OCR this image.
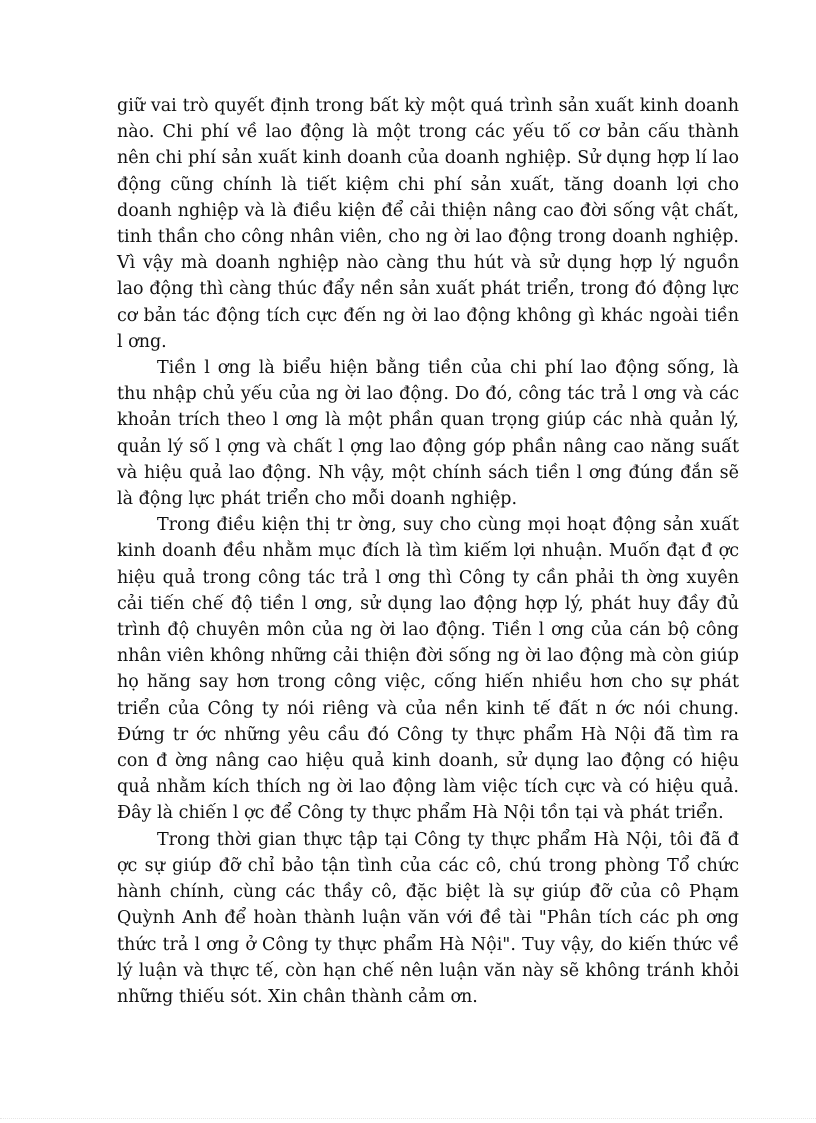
giữ vai trò quyết định trong bất kỳ một quá trình sản xuất kinh doanh nào. Chi phí về lao động là một trong các yếu tố cơ bản cấu thành nên chi phí sản xuất kinh doanh của doanh nghiệp. Sử dụng hợp lí lao động cũng chính là tiết kiệm chi phí sản xuất, tăng doanh lợi cho doanh nghiệp và là điều kiện để cải thiện nâng cao đời sống vật chất, tinh thần cho công nhân viên, cho ng ời lao động trong doanh nghiệp. Vì vậy mà doanh nghiệp nào càng thu hút và sử dụng hợp lý nguồn lao động thì càng thúc đẩy nền sản xuất phát triển, trong đó động lực cơ bản tác động tích cực đến ng ời lao động không gì khác ngoài tiền l ơng.

Tiền l ơng là biểu hiện bằng tiền của chi phí lao động sống, là thu nhập chủ yếu của ng ời lao động. Do đó, công tác trả l ơng và các khoản trích theo l ơng là một phần quan trọng giúp các nhà quản lý, quản lý số l ợng và chất l ợng lao động góp phần nâng cao năng suất và hiệu quả lao động. Nh vậy, một chính sách tiền l ơng đúng đắn sẽ là động lực phát triển cho mỗi doanh nghiệp.

Trong điều kiện thị tr ờng, suy cho cùng mọi hoạt động sản xuất kinh doanh đều nhằm mục đích là tìm kiếm lợi nhuận. Muốn đạt đ ợc hiệu quả trong công tác trả l ơng thì Công ty cần phải th ờng xuyên cải tiến chế độ tiền l ơng, sử dụng lao động hợp lý, phát huy đầy đủ trình độ chuyên môn của ng ời lao động. Tiền l ơng của cán bộ công nhân viên không những cải thiện đời sống ng ời lao động mà còn giúp họ hăng say hơn trong công việc, cống hiến nhiều hơn cho sự phát triển của Công ty nói riêng và của nền kinh tế đất n ớc nói chung. Đứng tr ớc những yêu cầu đó Công ty thực phẩm Hà Nội đã tìm ra con đ ờng nâng cao hiệu quả kinh doanh, sử dụng lao động có hiệu quả nhằm kích thích ng ời lao động làm việc tích cực và có hiệu quả. Đây là chiến l ợc để Công ty thực phẩm Hà Nội tồn tại và phát triển.

Trong thời gian thực tập tại Công ty thực phẩm Hà Nội, tôi đã đ ợc sự giúp đỡ chỉ bảo tận tình của các cô, chú trong phòng Tổ chức hành chính, cùng các thầy cô, đặc biệt là sự giúp đỡ của cô Phạm Quỳnh Anh để hoàn thành luận văn với đề tài "Phân tích các ph ơng thức trả l ơng ở Công ty thực phẩm Hà Nội". Tuy vậy, do kiến thức về lý luận và thực tế, còn hạn chế nên luận văn này sẽ không tránh khỏi những thiếu sót. Xin chân thành cảm ơn.
